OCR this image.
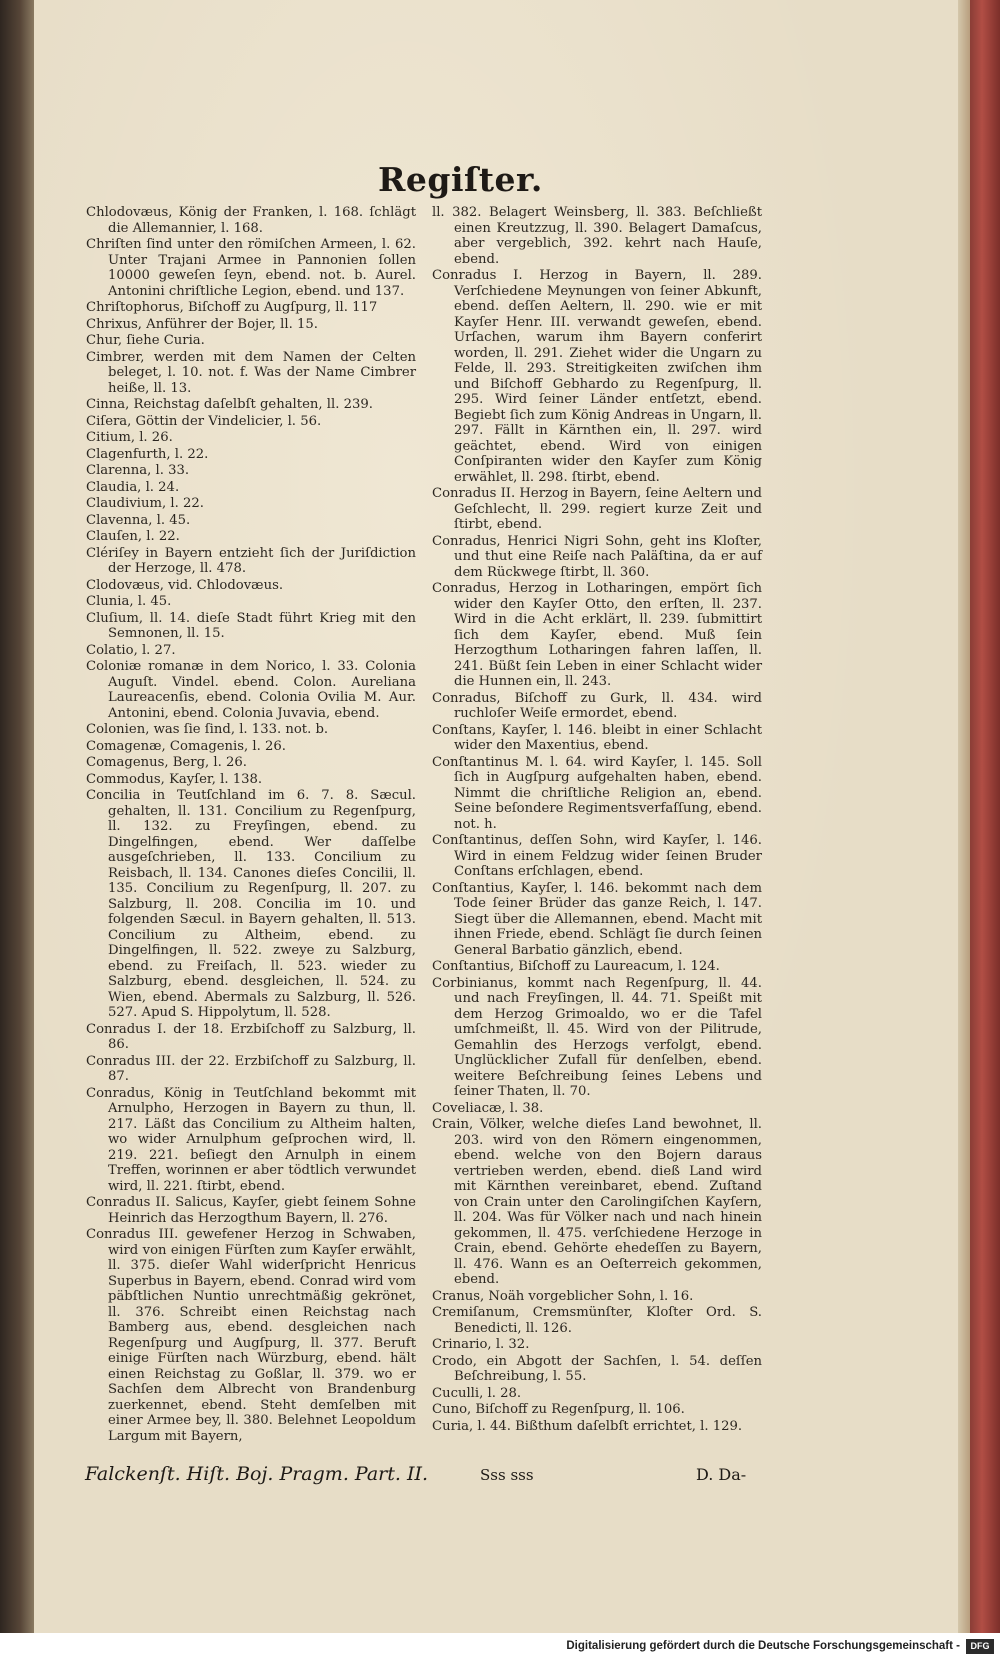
Regiſter.
Chlodovæus, König der Franken, l. 168. ſchlägt die Allemannier, l. 168.
Chriſten ſind unter den römiſchen Armeen, l. 62. Unter Trajani Armee in Pannonien ſollen 10000 geweſen ſeyn, ebend. not. b. Aurel. Antonini chriſtliche Legion, ebend. und 137.
Chriſtophorus, Biſchoff zu Augſpurg, ll. 117
Chrixus, Anführer der Bojer, ll. 15.
Chur, ſiehe Curia.
Cimbrer, werden mit dem Namen der Celten beleget, l. 10. not. f. Was der Name Cimbrer heiße, ll. 13.
Cinna, Reichstag daſelbſt gehalten, ll. 239.
Ciſera, Göttin der Vindelicier, l. 56.
Citium, l. 26.
Clagenfurth, l. 22.
Clarenna, l. 33.
Claudia, l. 24.
Claudivium, l. 22.
Clavenna, l. 45.
Clauſen, l. 22.
Clériſey in Bayern entzieht ſich der Juriſdiction der Herzoge, ll. 478.
Clodovæus, vid. Chlodovæus.
Clunia, l. 45.
Cluſium, ll. 14. dieſe Stadt führt Krieg mit den Semnonen, ll. 15.
Colatio, l. 27.
Coloniæ romanæ in dem Norico, l. 33. Colonia Auguſt. Vindel. ebend. Colon. Aureliana Laureacenſis, ebend. Colonia Ovilia M. Aur. Antonini, ebend. Colonia Juvavia, ebend.
Colonien, was ſie ſind, l. 133. not. b.
Comagenæ, Comagenis, l. 26.
Comagenus, Berg, l. 26.
Commodus, Kayſer, l. 138.
Concilia in Teutſchland im 6. 7. 8. Sæcul. gehalten, ll. 131. Concilium zu Regenſpurg, ll. 132. zu Freyſingen, ebend. zu Dingelfingen, ebend. Wer daſſelbe ausgeſchrieben, ll. 133. Concilium zu Reisbach, ll. 134. Canones dieſes Concilii, ll. 135. Concilium zu Regenſpurg, ll. 207. zu Salzburg, ll. 208. Concilia im 10. und folgenden Sæcul. in Bayern gehalten, ll. 513. Concilium zu Altheim, ebend. zu Dingelfingen, ll. 522. zweye zu Salzburg, ebend. zu Freiſach, ll. 523. wieder zu Salzburg, ebend. desgleichen, ll. 524. zu Wien, ebend. Abermals zu Salzburg, ll. 526. 527. Apud S. Hippolytum, ll. 528.
Conradus I. der 18. Erzbiſchoff zu Salzburg, ll. 86.
Conradus III. der 22. Erzbiſchoff zu Salzburg, ll. 87.
Conradus, König in Teutſchland bekommt mit Arnulpho, Herzogen in Bayern zu thun, ll. 217. Läßt das Concilium zu Altheim halten, wo wider Arnulphum geſprochen wird, ll. 219. 221. beſiegt den Arnulph in einem Treffen, worinnen er aber tödtlich verwundet wird, ll. 221. ſtirbt, ebend.
Conradus II. Salicus, Kayſer, giebt ſeinem Sohne Heinrich das Herzogthum Bayern, ll. 276.
Conradus III. gewefener Herzog in Schwaben, wird von einigen Fürſten zum Kayſer erwählt, ll. 375. dieſer Wahl widerſpricht Henricus Superbus in Bayern, ebend. Conrad wird vom päbſtlichen Nuntio unrechtmäßig gekrönet, ll. 376. Schreibt einen Reichstag nach Bamberg aus, ebend. desgleichen nach Regenſpurg und Augſpurg, ll. 377. Beruft einige Fürſten nach Würzburg, ebend. hält einen Reichstag zu Goßlar, ll. 379. wo er Sachſen dem Albrecht von Brandenburg zuerkennet, ebend. Steht demſelben mit einer Armee bey, ll. 380. Belehnet Leopoldum Largum mit Bayern,
ll. 382. Belagert Weinsberg, ll. 383. Beſchließt einen Kreutzzug, ll. 390. Belagert Damaſcus, aber vergeblich, 392. kehrt nach Hauſe, ebend.
Conradus I. Herzog in Bayern, ll. 289. Verſchiedene Meynungen von ſeiner Abkunft, ebend. deſſen Aeltern, ll. 290. wie er mit Kayſer Henr. III. verwandt geweſen, ebend. Urſachen, warum ihm Bayern conferirt worden, ll. 291. Ziehet wider die Ungarn zu Felde, ll. 293. Streitigkeiten zwiſchen ihm und Biſchoff Gebhardo zu Regenſpurg, ll. 295. Wird ſeiner Länder entſetzt, ebend. Begiebt ſich zum König Andreas in Ungarn, ll. 297. Fällt in Kärnthen ein, ll. 297. wird geächtet, ebend. Wird von einigen Conſpiranten wider den Kayſer zum König erwählet, ll. 298. ſtirbt, ebend.
Conradus II. Herzog in Bayern, ſeine Aeltern und Geſchlecht, ll. 299. regiert kurze Zeit und ſtirbt, ebend.
Conradus, Henrici Nigri Sohn, geht ins Kloſter, und thut eine Reiſe nach Paläſtina, da er auf dem Rückwege ſtirbt, ll. 360.
Conradus, Herzog in Lotharingen, empört ſich wider den Kayſer Otto, den erſten, ll. 237. Wird in die Acht erklärt, ll. 239. ſubmittirt ſich dem Kayſer, ebend. Muß ſein Herzogthum Lotharingen fahren laſſen, ll. 241. Büßt ſein Leben in einer Schlacht wider die Hunnen ein, ll. 243.
Conradus, Biſchoff zu Gurk, ll. 434. wird ruchloſer Weiſe ermordet, ebend.
Conſtans, Kayſer, l. 146. bleibt in einer Schlacht wider den Maxentius, ebend.
Conſtantinus M. l. 64. wird Kayſer, l. 145. Soll ſich in Augſpurg aufgehalten haben, ebend. Nimmt die chriſtliche Religion an, ebend. Seine beſondere Regimentsverfaſſung, ebend. not. h.
Conſtantinus, deſſen Sohn, wird Kayſer, l. 146. Wird in einem Feldzug wider ſeinen Bruder Conſtans erſchlagen, ebend.
Conſtantius, Kayſer, l. 146. bekommt nach dem Tode ſeiner Brüder das ganze Reich, l. 147. Siegt über die Allemannen, ebend. Macht mit ihnen Friede, ebend. Schlägt ſie durch ſeinen General Barbatio gänzlich, ebend.
Conſtantius, Biſchoff zu Laureacum, l. 124.
Corbinianus, kommt nach Regenſpurg, ll. 44. und nach Freyſingen, ll. 44. 71. Speißt mit dem Herzog Grimoaldo, wo er die Tafel umſchmeißt, ll. 45. Wird von der Pilitrude, Gemahlin des Herzogs verfolgt, ebend. Unglücklicher Zufall für denſelben, ebend. weitere Beſchreibung ſeines Lebens und ſeiner Thaten, ll. 70.
Coveliacæ, l. 38.
Crain, Völker, welche dieſes Land bewohnet, ll. 203. wird von den Römern eingenommen, ebend. welche von den Bojern daraus vertrieben werden, ebend. dieß Land wird mit Kärnthen vereinbaret, ebend. Zuſtand von Crain unter den Carolingiſchen Kayſern, ll. 204. Was für Völker nach und nach hinein gekommen, ll. 475. verſchiedene Herzoge in Crain, ebend. Gehörte ehedeſſen zu Bayern, ll. 476. Wann es an Oeſterreich gekommen, ebend.
Cranus, Noäh vorgeblicher Sohn, l. 16.
Cremiſanum, Cremsmünſter, Kloſter Ord. S. Benedicti, ll. 126.
Crinario, l. 32.
Crodo, ein Abgott der Sachſen, l. 54. deſſen Beſchreibung, l. 55.
Cuculli, l. 28.
Cuno, Biſchoff zu Regenſpurg, ll. 106.
Curia, l. 44. Bißthum daſelbſt errichtet, l. 129.
Falckenſt. Hiſt. Boj. Pragm. Part. II.	Sss sss	D. Da-
Digitalisierung gefördert durch die Deutsche Forschungsgemeinschaft -	DFG
